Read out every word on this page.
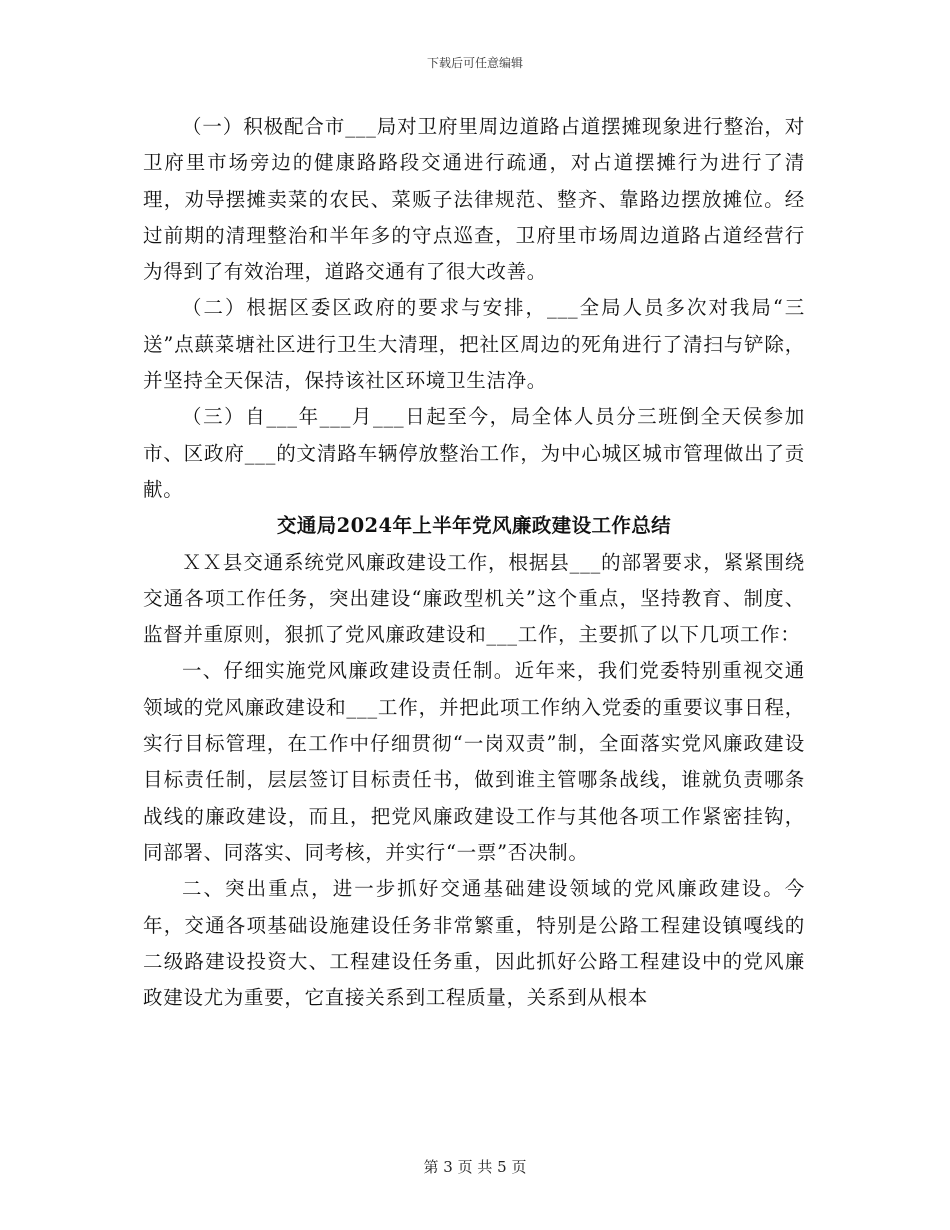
下载后可任意编辑

（一）积极配合市___局对卫府里周边道路占道摆摊现象进行整治，对卫府里市场旁边的健康路路段交通进行疏通，对占道摆摊行为进行了清理，劝导摆摊卖菜的农民、菜贩子法律规范、整齐、靠路边摆放摊位。经过前期的清理整治和半年多的守点巡查，卫府里市场周边道路占道经营行为得到了有效治理，道路交通有了很大改善。

（二）根据区委区政府的要求与安排，___全局人员多次对我局“三送”点蕻菜塘社区进行卫生大清理，把社区周边的死角进行了清扫与铲除，并坚持全天保洁，保持该社区环境卫生洁净。

（三）自___年___月___日起至今，局全体人员分三班倒全天侯参加市、区政府___的文清路车辆停放整治工作，为中心城区城市管理做出了贡献。

交通局2024年上半年党风廉政建设工作总结

ＸＸ县交通系统党风廉政建设工作，根据县___的部署要求，紧紧围绕交通各项工作任务，突出建设“廉政型机关”这个重点，坚持教育、制度、监督并重原则，狠抓了党风廉政建设和___工作，主要抓了以下几项工作：

一、仔细实施党风廉政建设责任制。近年来，我们党委特别重视交通领域的党风廉政建设和___工作，并把此项工作纳入党委的重要议事日程，实行目标管理，在工作中仔细贯彻“一岗双责”制，全面落实党风廉政建设目标责任制，层层签订目标责任书，做到谁主管哪条战线，谁就负责哪条战线的廉政建设，而且，把党风廉政建设工作与其他各项工作紧密挂钩，同部署、同落实、同考核，并实行“一票”否决制。

二、突出重点，进一步抓好交通基础建设领域的党风廉政建设。今年，交通各项基础设施建设任务非常繁重，特别是公路工程建设镇嘎线的二级路建设投资大、工程建设任务重，因此抓好公路工程建设中的党风廉政建设尤为重要，它直接关系到工程质量，关系到从根本

第 3 页 共 5 页
